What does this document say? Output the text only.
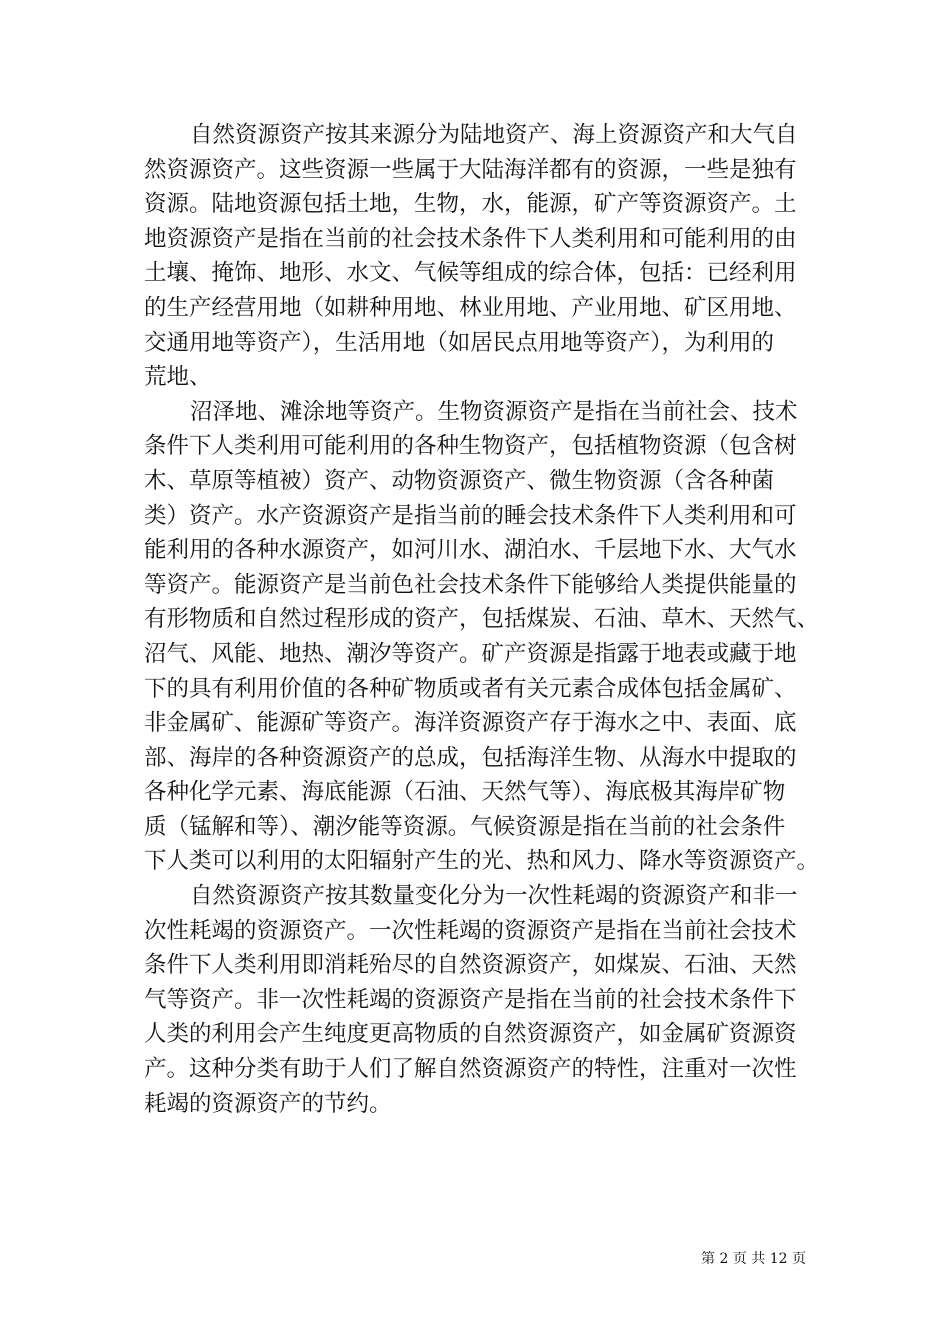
自然资源资产按其来源分为陆地资产、海上资源资产和大气自
然资源资产。这些资源一些属于大陆海洋都有的资源，一些是独有
资源。陆地资源包括土地，生物，水，能源，矿产等资源资产。土
地资源资产是指在当前的社会技术条件下人类利用和可能利用的由
土壤、掩饰、地形、水文、气候等组成的综合体，包括：已经利用
的生产经营用地（如耕种用地、林业用地、产业用地、矿区用地、
交通用地等资产），生活用地（如居民点用地等资产），为利用的
荒地、
沼泽地、滩涂地等资产。生物资源资产是指在当前社会、技术
条件下人类利用可能利用的各种生物资产，包括植物资源（包含树
木、草原等植被）资产、动物资源资产、微生物资源（含各种菌
类）资产。水产资源资产是指当前的睡会技术条件下人类利用和可
能利用的各种水源资产，如河川水、湖泊水、千层地下水、大气水
等资产。能源资产是当前色社会技术条件下能够给人类提供能量的
有形物质和自然过程形成的资产，包括煤炭、石油、草木、天然气、
沼气、风能、地热、潮汐等资产。矿产资源是指露于地表或藏于地
下的具有利用价值的各种矿物质或者有关元素合成体包括金属矿、
非金属矿、能源矿等资产。海洋资源资产存于海水之中、表面、底
部、海岸的各种资源资产的总成，包括海洋生物、从海水中提取的
各种化学元素、海底能源（石油、天然气等）、海底极其海岸矿物
质（锰解和等）、潮汐能等资源。气候资源是指在当前的社会条件
下人类可以利用的太阳辐射产生的光、热和风力、降水等资源资产。
自然资源资产按其数量变化分为一次性耗竭的资源资产和非一
次性耗竭的资源资产。一次性耗竭的资源资产是指在当前社会技术
条件下人类利用即消耗殆尽的自然资源资产，如煤炭、石油、天然
气等资产。非一次性耗竭的资源资产是指在当前的社会技术条件下
人类的利用会产生纯度更高物质的自然资源资产，如金属矿资源资
产。这种分类有助于人们了解自然资源资产的特性，注重对一次性
耗竭的资源资产的节约。
第 2 页 共 12 页
